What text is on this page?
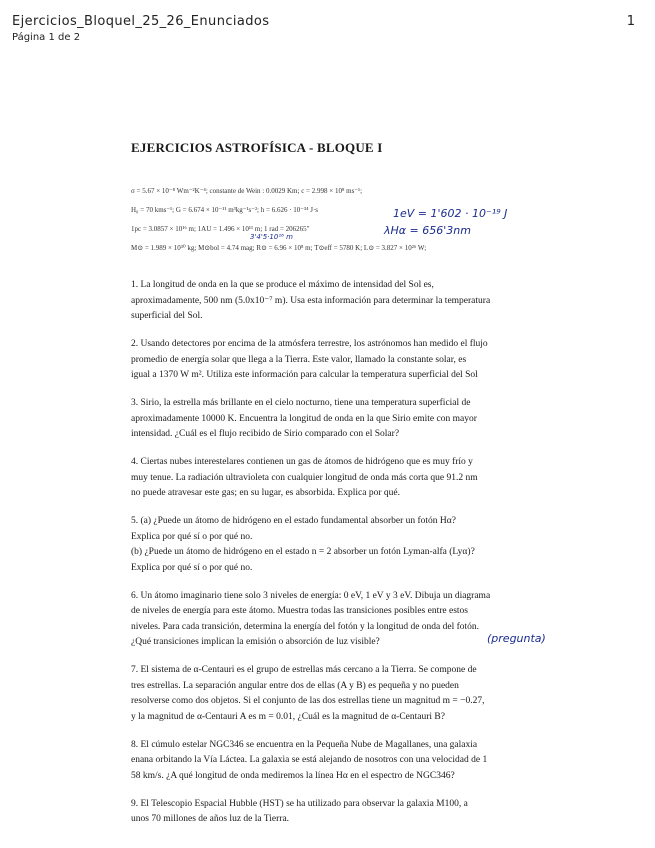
Ejercicios_Bloquel_25_26_Enunciados
Página 1 de 2
1
EJERCICIOS ASTROFÍSICA - BLOQUE I
σ = 5.67 × 10⁻⁸ Wm⁻²K⁻⁴; constante de Wein : 0.0029 Km; c = 2.998 × 10⁸ ms⁻¹;
H₀ = 70 kms⁻¹; G = 6.674 × 10⁻¹¹ m³kg⁻¹s⁻²; h = 6.626 · 10⁻³⁴ J·s
1pc = 3.0857 × 10¹⁶ m; 1AU = 1.496 × 10¹¹ m; 1 rad = 206265″
M⊙ = 1.989 × 10³⁰ kg; M⊙bol = 4.74 mag; R⊙ = 6.96 × 10⁸ m; T⊙eff = 5780 K; L⊙ = 3.827 × 10²⁶ W;

1. La longitud de onda en la que se produce el máximo de intensidad del Sol es,

aproximadamente, 500 nm (5.0x10⁻⁷ m). Usa esta información para determinar la temperatura

superficial del Sol.

2. Usando detectores por encima de la atmósfera terrestre, los astrónomos han medido el flujo

promedio de energía solar que llega a la Tierra. Este valor, llamado la constante solar, es

igual a 1370 W m². Utiliza este información para calcular la temperatura superficial del Sol

3. Sirio, la estrella más brillante en el cielo nocturno, tiene una temperatura superficial de

aproximadamente 10000 K. Encuentra la longitud de onda en la que Sirio emite con mayor

intensidad. ¿Cuál es el flujo recibido de Sirio comparado con el Solar?

4. Ciertas nubes interestelares contienen un gas de átomos de hidrógeno que es muy frío y

muy tenue. La radiación ultravioleta con cualquier longitud de onda más corta que 91.2 nm

no puede atravesar este gas; en su lugar, es absorbida. Explica por qué.

5. (a) ¿Puede un átomo de hidrógeno en el estado fundamental absorber un fotón Hα?

Explica por qué sí o por qué no.

(b) ¿Puede un átomo de hidrógeno en el estado n = 2 absorber un fotón Lyman-alfa (Lyα)?

Explica por qué sí o por qué no.

6. Un átomo imaginario tiene solo 3 niveles de energía: 0 eV, 1 eV y 3 eV. Dibuja un diagrama

de niveles de energía para este átomo. Muestra todas las transiciones posibles entre estos

niveles. Para cada transición, determina la energía del fotón y la longitud de onda del fotón.

¿Qué transiciones implican la emisión o absorción de luz visible?

7. El sistema de α-Centauri es el grupo de estrellas más cercano a la Tierra. Se compone de

tres estrellas. La separación angular entre dos de ellas (A y B) es pequeña y no pueden

resolverse como dos objetos. Si el conjunto de las dos estrellas tiene un magnitud m = −0.27,

y la magnitud de α-Centauri A es m = 0.01, ¿Cuál es la magnitud de α-Centauri B?

8. El cúmulo estelar NGC346 se encuentra en la Pequeña Nube de Magallanes, una galaxia

enana orbitando la Vía Láctea. La galaxia se está alejando de nosotros con una velocidad de 1

58 km/s. ¿A qué longitud de onda mediremos la línea Hα en el espectro de NGC346?

9. El Telescopio Espacial Hubble (HST) se ha utilizado para observar la galaxia M100, a

unos 70 millones de años luz de la Tierra.

1eV = 1'602 · 10⁻¹⁹ J
λHα = 656'3nm
3'4'5·10¹⁶ m
(pregunta)
